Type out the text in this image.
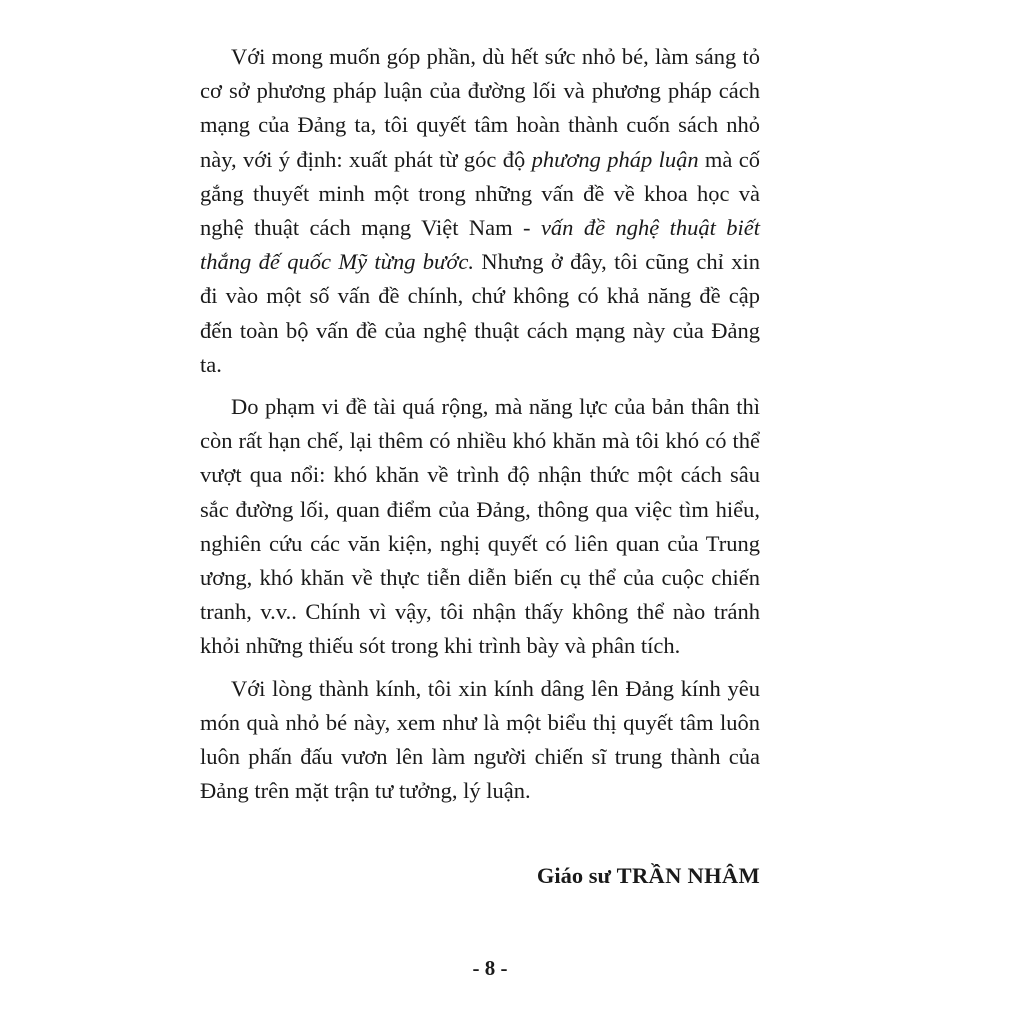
Với mong muốn góp phần, dù hết sức nhỏ bé, làm sáng tỏ cơ sở phương pháp luận của đường lối và phương pháp cách mạng của Đảng ta, tôi quyết tâm hoàn thành cuốn sách nhỏ này, với ý định: xuất phát từ góc độ phương pháp luận mà cố gắng thuyết minh một trong những vấn đề về khoa học và nghệ thuật cách mạng Việt Nam - vấn đề nghệ thuật biết thắng đế quốc Mỹ từng bước. Nhưng ở đây, tôi cũng chỉ xin đi vào một số vấn đề chính, chứ không có khả năng đề cập đến toàn bộ vấn đề của nghệ thuật cách mạng này của Đảng ta.

Do phạm vi đề tài quá rộng, mà năng lực của bản thân thì còn rất hạn chế, lại thêm có nhiều khó khăn mà tôi khó có thể vượt qua nổi: khó khăn về trình độ nhận thức một cách sâu sắc đường lối, quan điểm của Đảng, thông qua việc tìm hiểu, nghiên cứu các văn kiện, nghị quyết có liên quan của Trung ương, khó khăn về thực tiễn diễn biến cụ thể của cuộc chiến tranh, v.v.. Chính vì vậy, tôi nhận thấy không thể nào tránh khỏi những thiếu sót trong khi trình bày và phân tích.

Với lòng thành kính, tôi xin kính dâng lên Đảng kính yêu món quà nhỏ bé này, xem như là một biểu thị quyết tâm luôn luôn phấn đấu vươn lên làm người chiến sĩ trung thành của Đảng trên mặt trận tư tưởng, lý luận.

Giáo sư TRẦN NHÂM
- 8 -
